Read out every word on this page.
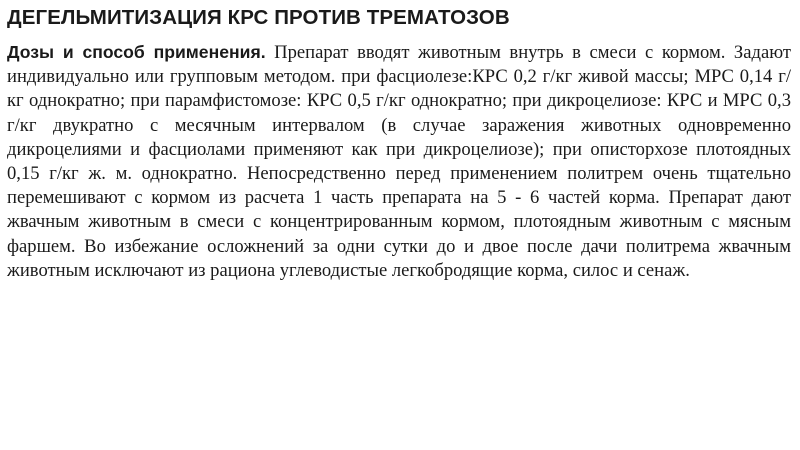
ДЕГЕЛЬМИТИЗАЦИЯ КРС ПРОТИВ ТРЕМАТОЗОВ

Дозы и способ применения. Препарат вводят животным внутрь в смеси с кормом. Задают индивидуально или групповым методом. при фасциолезе:КРС 0,2 г/кг живой массы; МРС 0,14 г/кг однократно; при парамфистомозе: КРС 0,5 г/кг однократно; при дикроцелиозе: КРС и МРС 0,3 г/кг двукратно с месячным интервалом (в случае заражения животных одновременно дикроцелиями и фасциолами применяют как при дикроцелиозе); при описторхозе плотоядных 0,15 г/кг ж. м. однократно. Непосредственно перед применением политрем очень тщательно перемешивают с кормом из расчета 1 часть препарата на 5 - 6 частей корма. Препарат дают жвачным животным в смеси с концентрированным кормом, плотоядным животным с мясным фаршем. Во избежание осложнений за одни сутки до и двое после дачи политрема жвачным животным исключают из рациона углеводистые легкобродящие корма, силос и сенаж.
